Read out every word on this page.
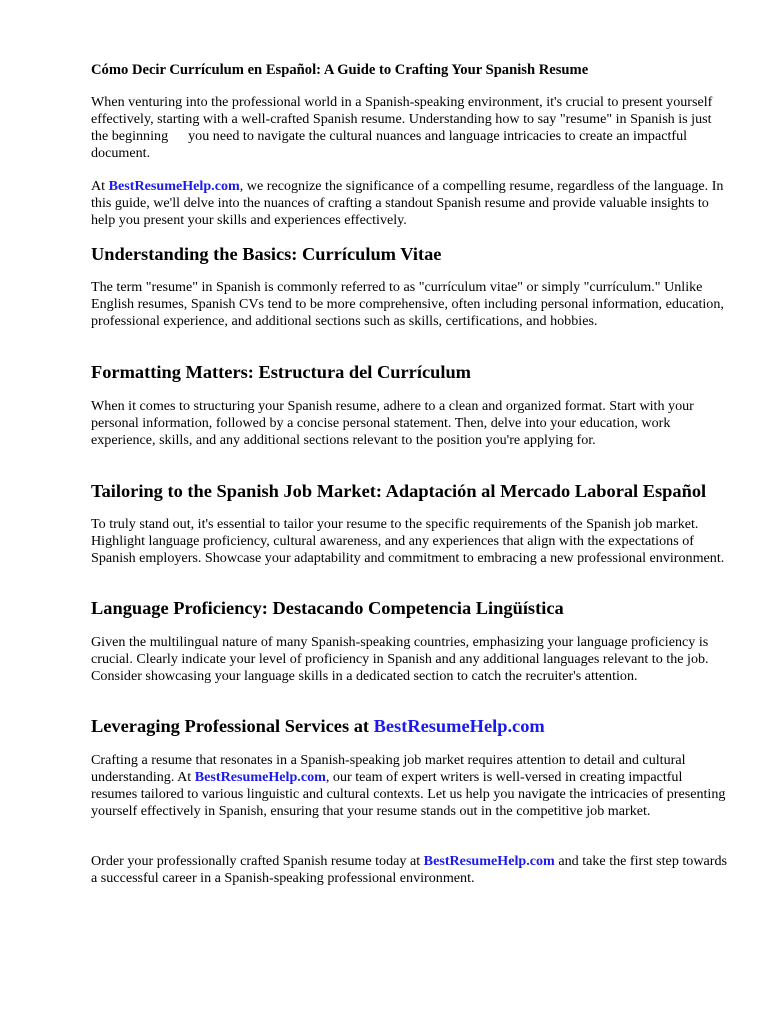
Cómo Decir Currículum en Español: A Guide to Crafting Your Spanish Resume
When venturing into the professional world in a Spanish-speaking environment, it's crucial to present yourself effectively, starting with a well-crafted Spanish resume. Understanding how to say "resume" in Spanish is just the beginning you need to navigate the cultural nuances and language intricacies to create an impactful document.
At BestResumeHelp.com, we recognize the significance of a compelling resume, regardless of the language. In this guide, we'll delve into the nuances of crafting a standout Spanish resume and provide valuable insights to help you present your skills and experiences effectively.
Understanding the Basics: Currículum Vitae
The term "resume" in Spanish is commonly referred to as "currículum vitae" or simply "currículum." Unlike English resumes, Spanish CVs tend to be more comprehensive, often including personal information, education, professional experience, and additional sections such as skills, certifications, and hobbies.
Formatting Matters: Estructura del Currículum
When it comes to structuring your Spanish resume, adhere to a clean and organized format. Start with your personal information, followed by a concise personal statement. Then, delve into your education, work experience, skills, and any additional sections relevant to the position you're applying for.
Tailoring to the Spanish Job Market: Adaptación al Mercado Laboral Español
To truly stand out, it's essential to tailor your resume to the specific requirements of the Spanish job market. Highlight language proficiency, cultural awareness, and any experiences that align with the expectations of Spanish employers. Showcase your adaptability and commitment to embracing a new professional environment.
Language Proficiency: Destacando Competencia Lingüística
Given the multilingual nature of many Spanish-speaking countries, emphasizing your language proficiency is crucial. Clearly indicate your level of proficiency in Spanish and any additional languages relevant to the job. Consider showcasing your language skills in a dedicated section to catch the recruiter's attention.
Leveraging Professional Services at BestResumeHelp.com
Crafting a resume that resonates in a Spanish-speaking job market requires attention to detail and cultural understanding. At BestResumeHelp.com, our team of expert writers is well-versed in creating impactful resumes tailored to various linguistic and cultural contexts. Let us help you navigate the intricacies of presenting yourself effectively in Spanish, ensuring that your resume stands out in the competitive job market.
Order your professionally crafted Spanish resume today at BestResumeHelp.com and take the first step towards a successful career in a Spanish-speaking professional environment.
